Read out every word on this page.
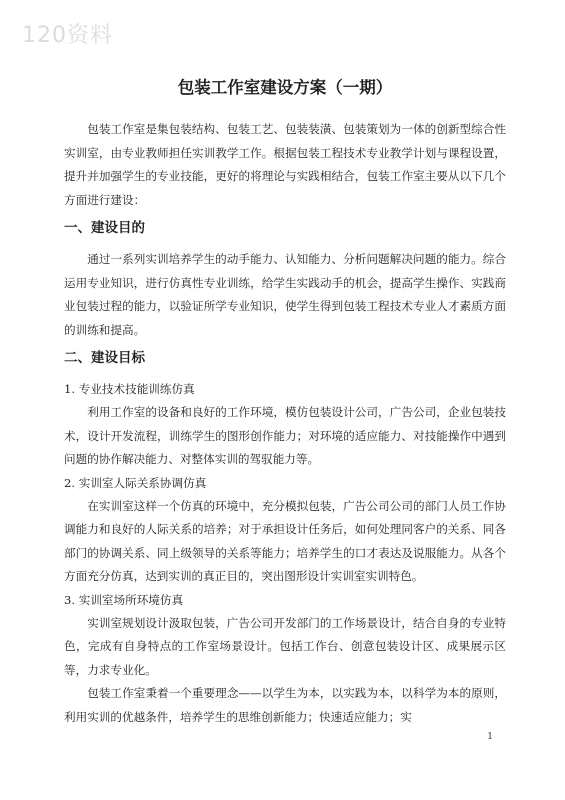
120资料
包装工作室建设方案（一期）

包装工作室是集包装结构、包装工艺、包装装潢、包装策划为一体的创新型综合性实训室，由专业教师担任实训教学工作。根据包装工程技术专业教学计划与课程设置，提升并加强学生的专业技能，更好的将理论与实践相结合，包装工作室主要从以下几个方面进行建设：

一、建设目的

通过一系列实训培养学生的动手能力、认知能力、分析问题解决问题的能力。综合运用专业知识，进行仿真性专业训练，给学生实践动手的机会，提高学生操作、实践商业包装过程的能力，以验证所学专业知识，使学生得到包装工程技术专业人才素质方面的训练和提高。

二、建设目标
1. 专业技术技能训练仿真

利用工作室的设备和良好的工作环境，模仿包装设计公司，广告公司，企业包装技术，设计开发流程，训练学生的图形创作能力；对环境的适应能力、对技能操作中遇到问题的协作解决能力、对整体实训的驾驭能力等。

2. 实训室人际关系协调仿真

在实训室这样一个仿真的环境中，充分模拟包装，广告公司公司的部门人员工作协调能力和良好的人际关系的培养；对于承担设计任务后，如何处理同客户的关系、同各部门的协调关系、同上级领导的关系等能力；培养学生的口才表达及说服能力。从各个方面充分仿真，达到实训的真正目的，突出图形设计实训室实训特色。

3. 实训室场所环境仿真

实训室规划设计汲取包装，广告公司开发部门的工作场景设计，结合自身的专业特色，完成有自身特点的工作室场景设计。包括工作台、创意包装设计区、成果展示区等，力求专业化。

包装工作室秉着一个重要理念——以学生为本，以实践为本，以科学为本的原则，利用实训的优越条件，培养学生的思维创新能力；快速适应能力；实

1
